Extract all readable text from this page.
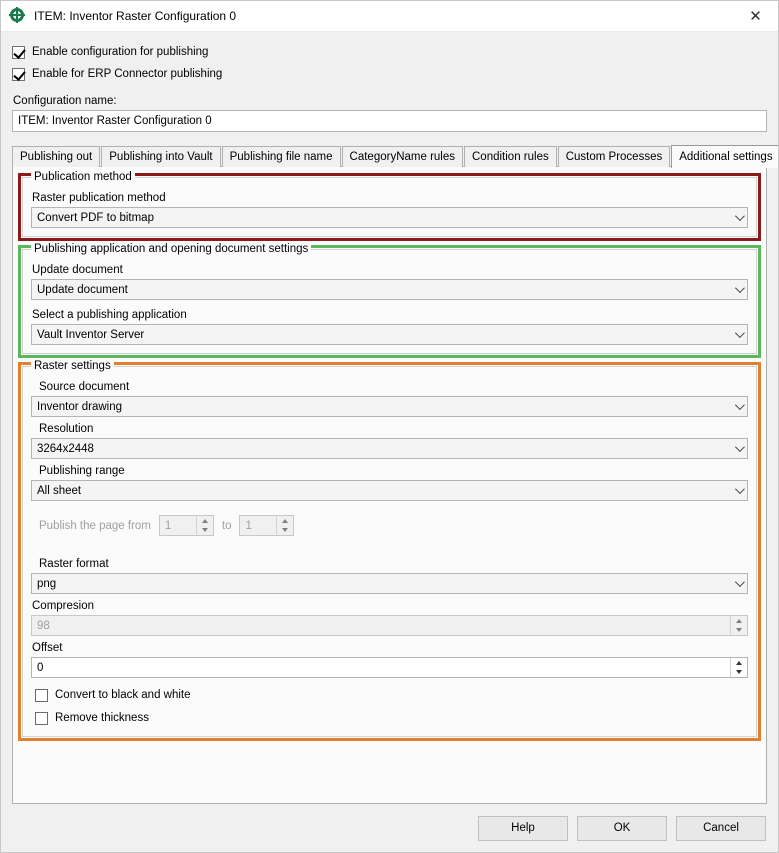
ITEM: Inventor Raster Configuration 0	✕
Enable configuration for publishing
Enable for ERP Connector publishing
Configuration name:
ITEM: Inventor Raster Configuration 0
Publishing out	Publishing into Vault	Publishing file name	CategoryName rules	Condition rules	Custom Processes	Additional settings
Publication method
Raster publication method
Convert PDF to bitmap
Publishing application and opening document settings
Update document
Update document
Select a publishing application
Vault Inventor Server
Raster settings
Source document
Inventor drawing
Resolution
3264x2448
Publishing range
All sheet
Publish the page from 1	to 1
Raster format
png
Compresion
98
Offset
0
Convert to black and white
Remove thickness
Help	OK	Cancel
